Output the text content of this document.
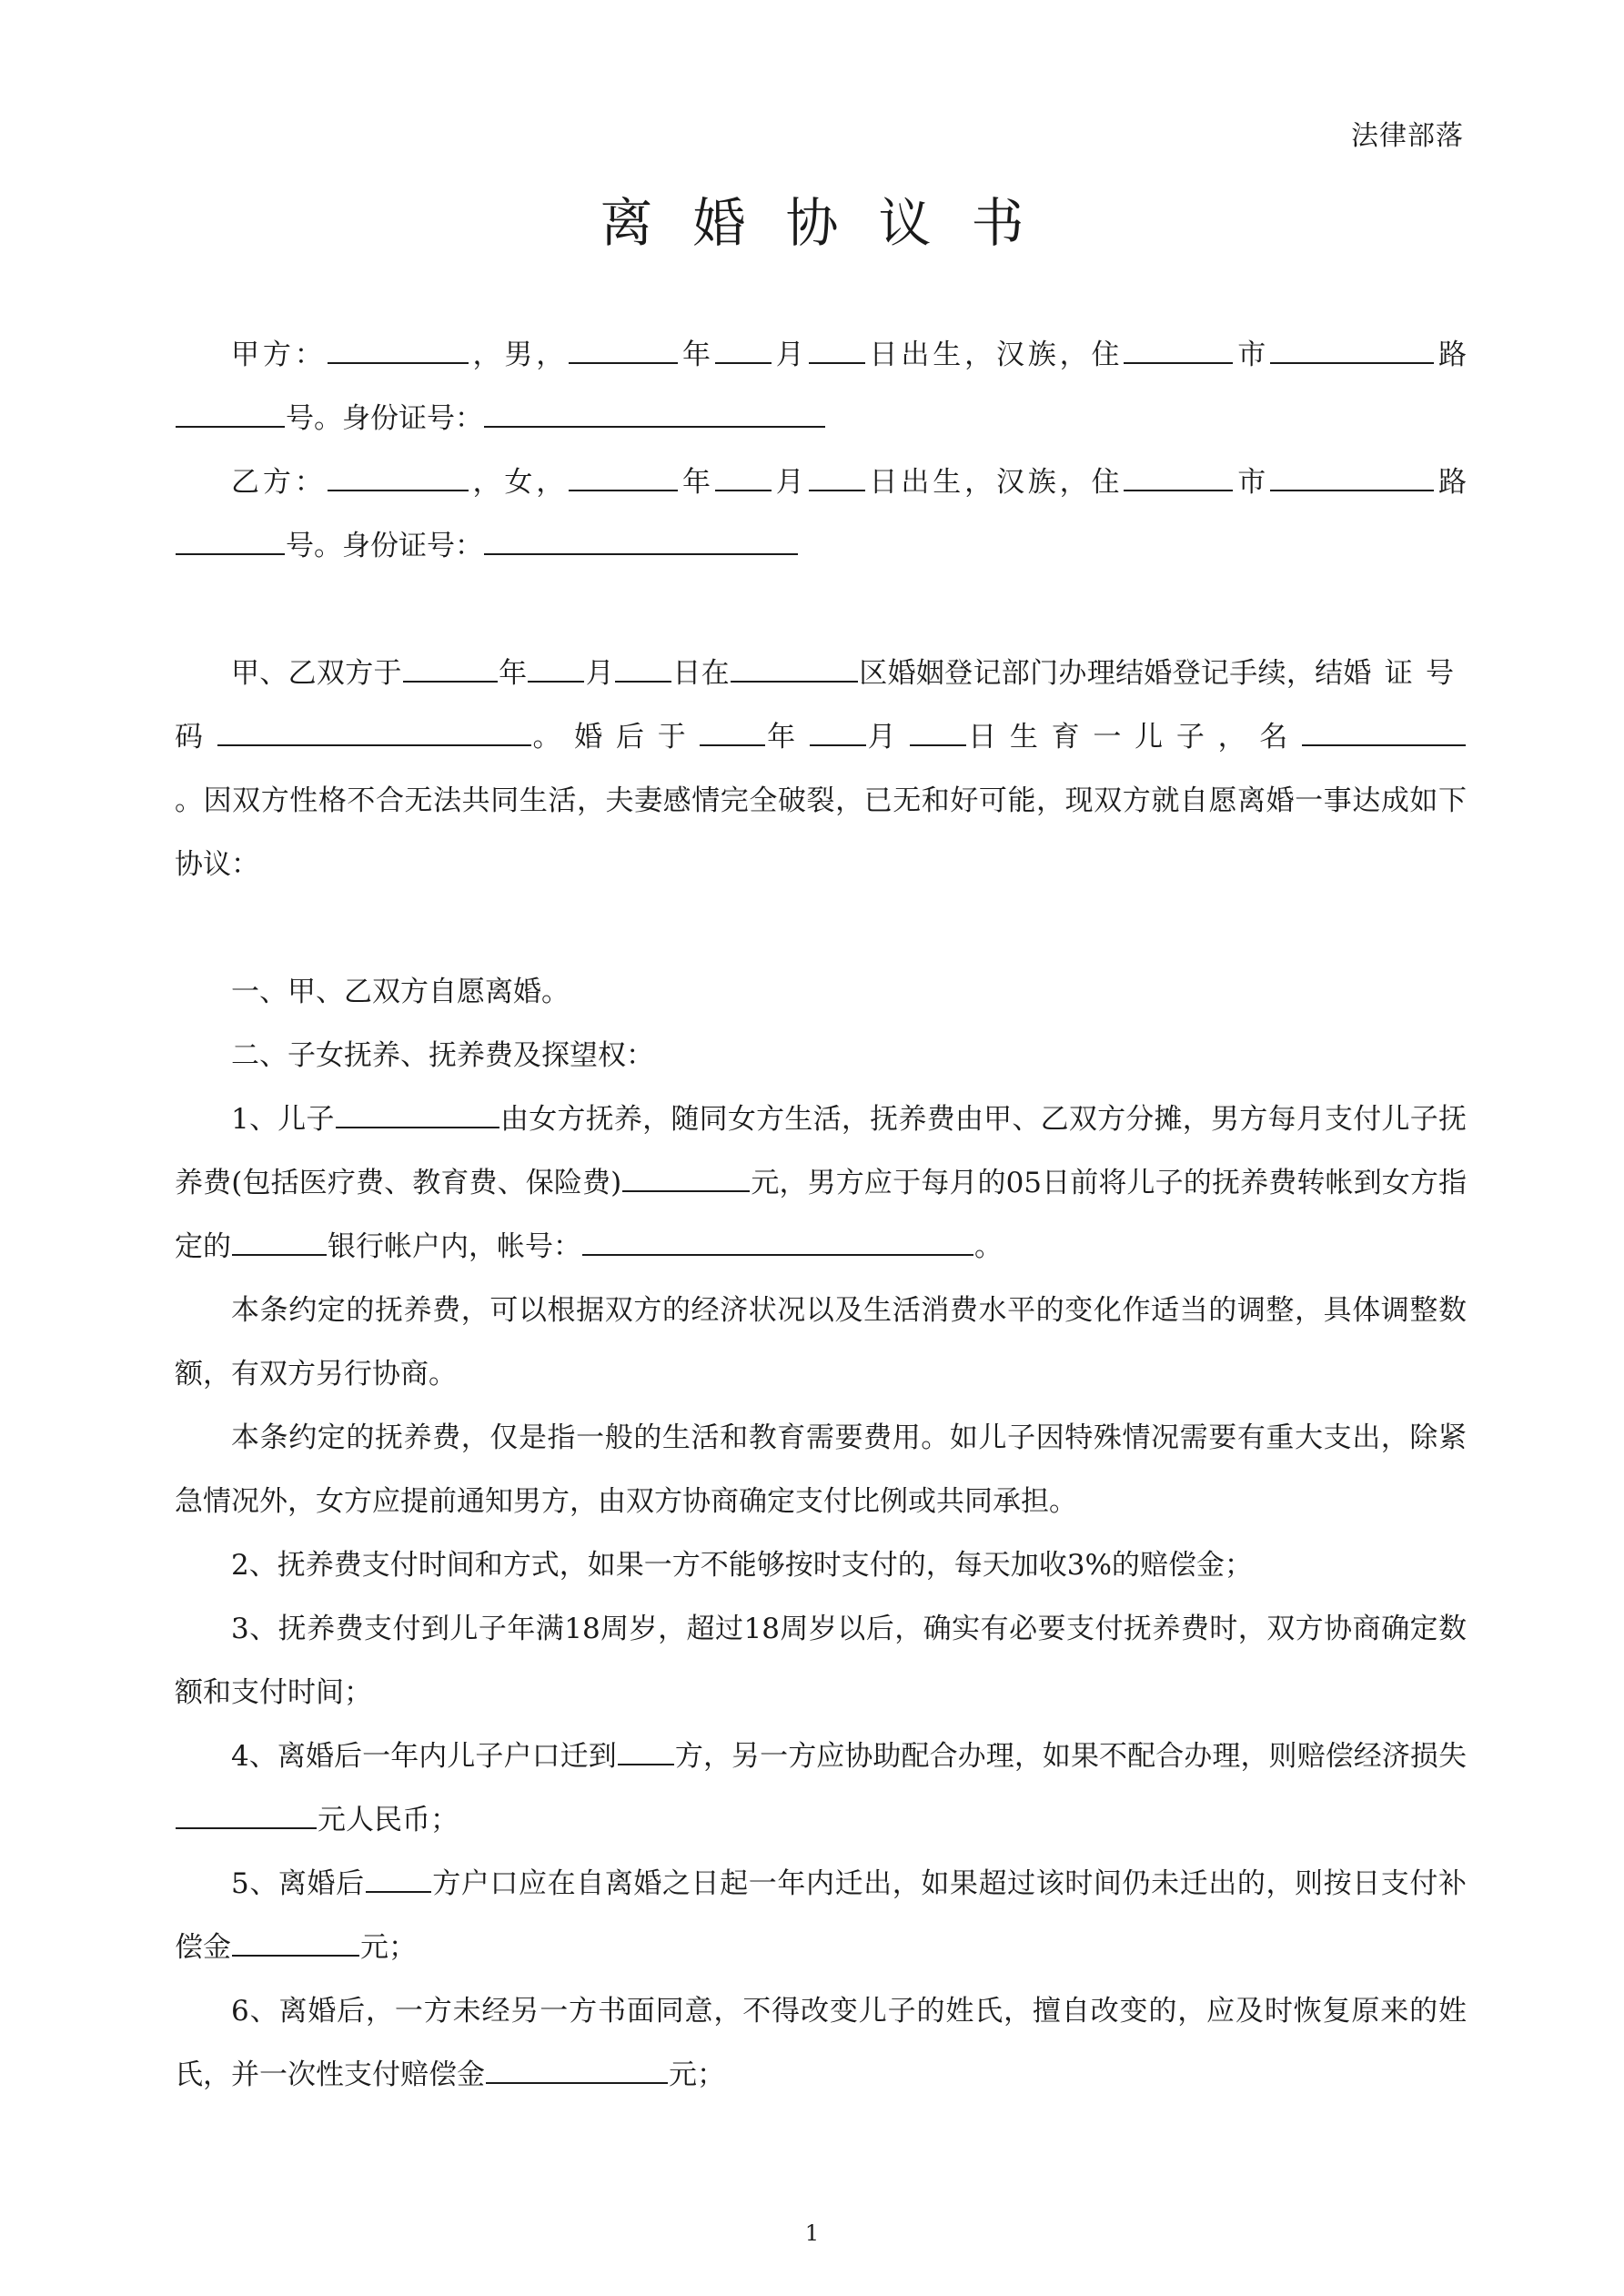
法律部落
离婚协议书

甲方：	，男，	年 月 日出生，汉族，住	市	路号。身份证号：

乙方：	，女，	年 月 日出生，汉族，住	市	路号。身份证号：

甲、乙双方于	年 月 日在	区婚姻登记部门办理结婚登记手续，结婚证号码	。婚后于 年 月 日生育一儿子，名。因双方性格不合无法共同生活，夫妻感情完全破裂，已无和好可能，现双方就自愿离婚一事达成如下协议：

一、甲、乙双方自愿离婚。

二、子女抚养、抚养费及探望权：

1、儿子	由女方抚养，随同女方生活，抚养费由甲、乙双方分摊，男方每月支付儿子抚养费(包括医疗费、教育费、保险费)	元，男方应于每月的05日前将儿子的抚养费转帐到女方指定的	银行帐户内，帐号：	。

本条约定的抚养费，可以根据双方的经济状况以及生活消费水平的变化作适当的调整，具体调整数额，有双方另行协商。

本条约定的抚养费，仅是指一般的生活和教育需要费用。如儿子因特殊情况需要有重大支出，除紧急情况外，女方应提前通知男方，由双方协商确定支付比例或共同承担。

2、抚养费支付时间和方式，如果一方不能够按时支付的，每天加收3%的赔偿金；

3、抚养费支付到儿子年满18周岁，超过18周岁以后，确实有必要支付抚养费时，双方协商确定数额和支付时间；

4、离婚后一年内儿子户口迁到 方，另一方应协助配合办理，如果不配合办理，则赔偿经济损失元人民币；

5、离婚后 方户口应在自离婚之日起一年内迁出，如果超过该时间仍未迁出的，则按日支付补偿金	元；

6、离婚后，一方未经另一方书面同意，不得改变儿子的姓氏，擅自改变的，应及时恢复原来的姓氏，并一次性支付赔偿金	元；

1
